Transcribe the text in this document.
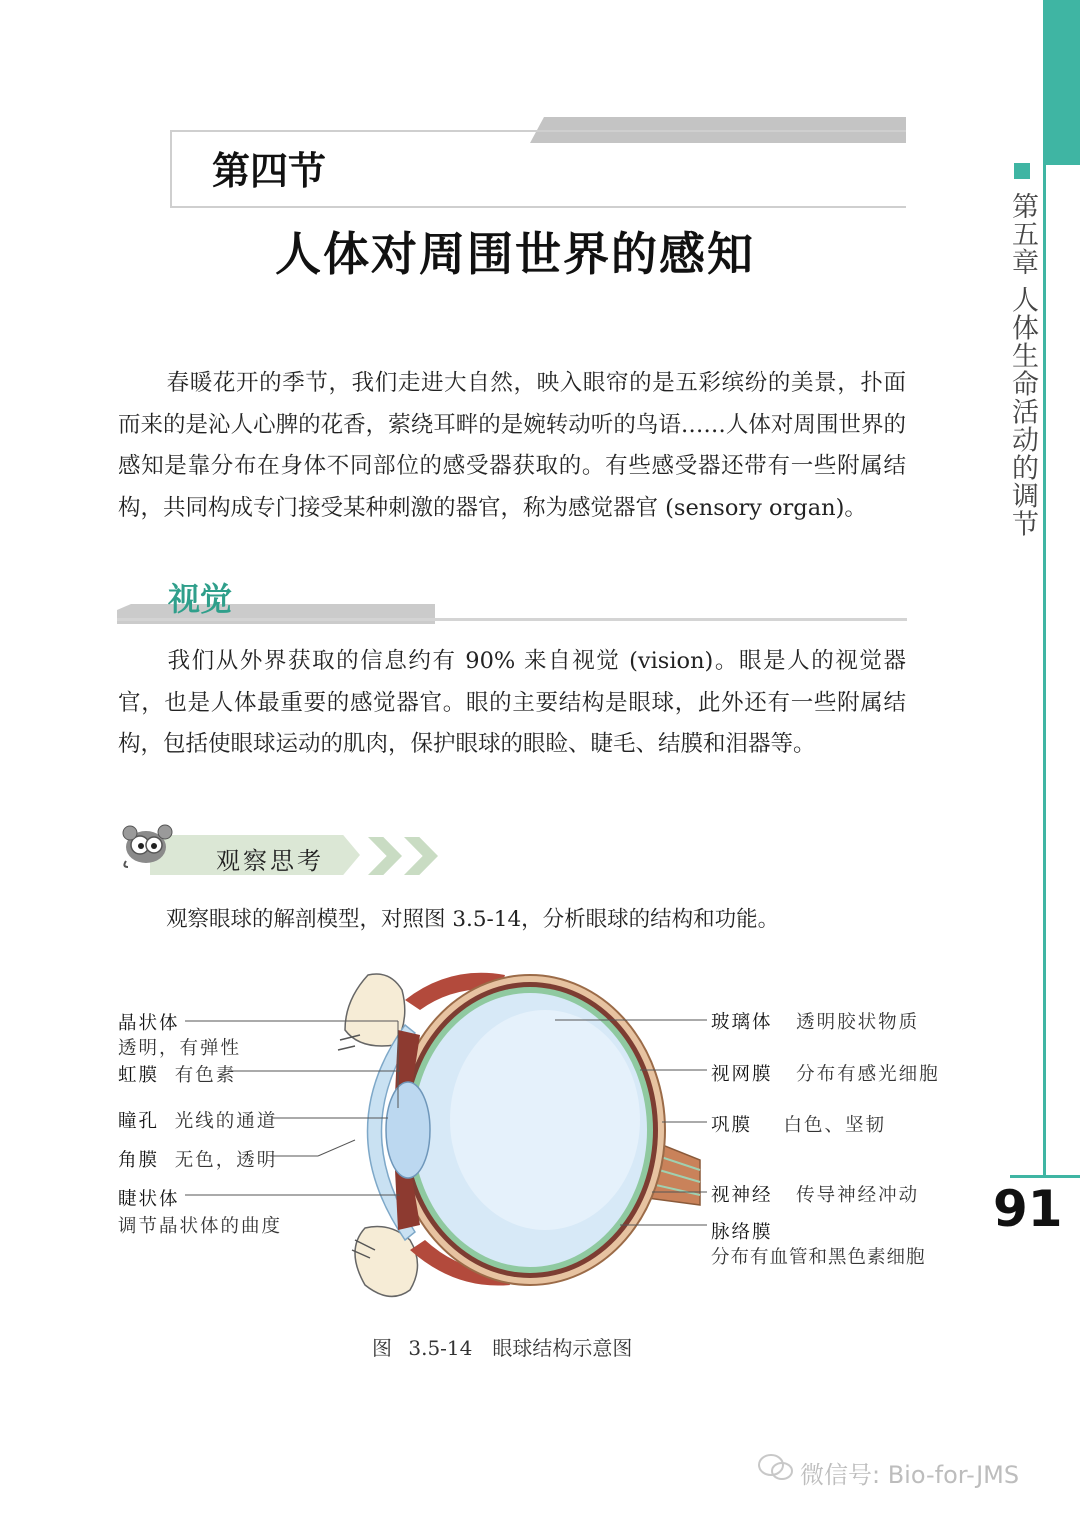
第五章 人体生命活动的调节
91
第四节
人体对周围世界的感知

春暖花开的季节，我们走进大自然，映入眼帘的是五彩缤纷的美景，扑面而来的是沁人心脾的花香，萦绕耳畔的是婉转动听的鸟语……人体对周围世界的感知是靠分布在身体不同部位的感受器获取的。有些感受器还带有一些附属结构，共同构成专门接受某种刺激的器官，称为感觉器官 (sensory organ)。

视觉

我们从外界获取的信息约有 90% 来自视觉 (vision)。眼是人的视觉器官，也是人体最重要的感觉器官。眼的主要结构是眼球，此外还有一些附属结构，包括使眼球运动的肌肉，保护眼球的眼睑、睫毛、结膜和泪器等。

观察思考
观察眼球的解剖模型，对照图 3.5-14，分析眼球的结构和功能。
晶状体
透明，有弹性
虹膜 有色素
瞳孔 光线的通道
角膜 无色，透明
睫状体
调节晶状体的曲度
玻璃体 透明胶状物质
视网膜 分布有感光细胞
巩膜 白色、坚韧
视神经 传导神经冲动
脉络膜
分布有血管和黑色素细胞
图 3.5-14　眼球结构示意图
微信号: Bio-for-JMS
